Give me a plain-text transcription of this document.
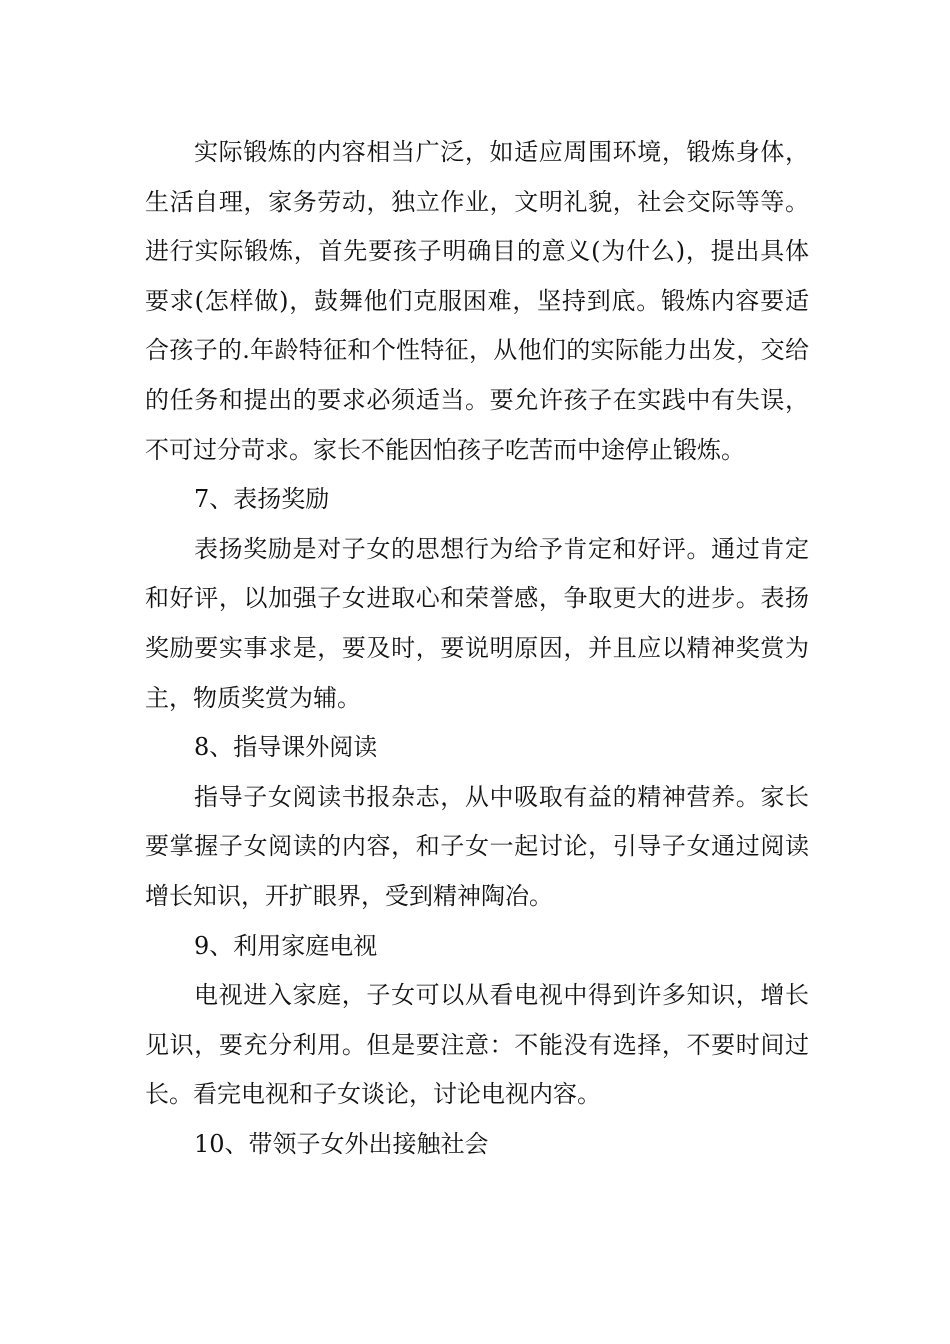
实际锻炼的内容相当广泛，如适应周围环境，锻炼身体，生活自理，家务劳动，独立作业，文明礼貌，社会交际等等。进行实际锻炼，首先要孩子明确目的意义(为什么)，提出具体要求(怎样做)，鼓舞他们克服困难，坚持到底。锻炼内容要适合孩子的.年龄特征和个性特征，从他们的实际能力出发，交给的任务和提出的要求必须适当。要允许孩子在实践中有失误，不可过分苛求。家长不能因怕孩子吃苦而中途停止锻炼。

7、表扬奖励

表扬奖励是对子女的思想行为给予肯定和好评。通过肯定和好评，以加强子女进取心和荣誉感，争取更大的进步。表扬奖励要实事求是，要及时，要说明原因，并且应以精神奖赏为主，物质奖赏为辅。

8、指导课外阅读

指导子女阅读书报杂志，从中吸取有益的精神营养。家长要掌握子女阅读的内容，和子女一起讨论，引导子女通过阅读增长知识，开扩眼界，受到精神陶冶。

9、利用家庭电视

电视进入家庭，子女可以从看电视中得到许多知识，增长见识，要充分利用。但是要注意：不能没有选择，不要时间过长。看完电视和子女谈论，讨论电视内容。

10、带领子女外出接触社会
